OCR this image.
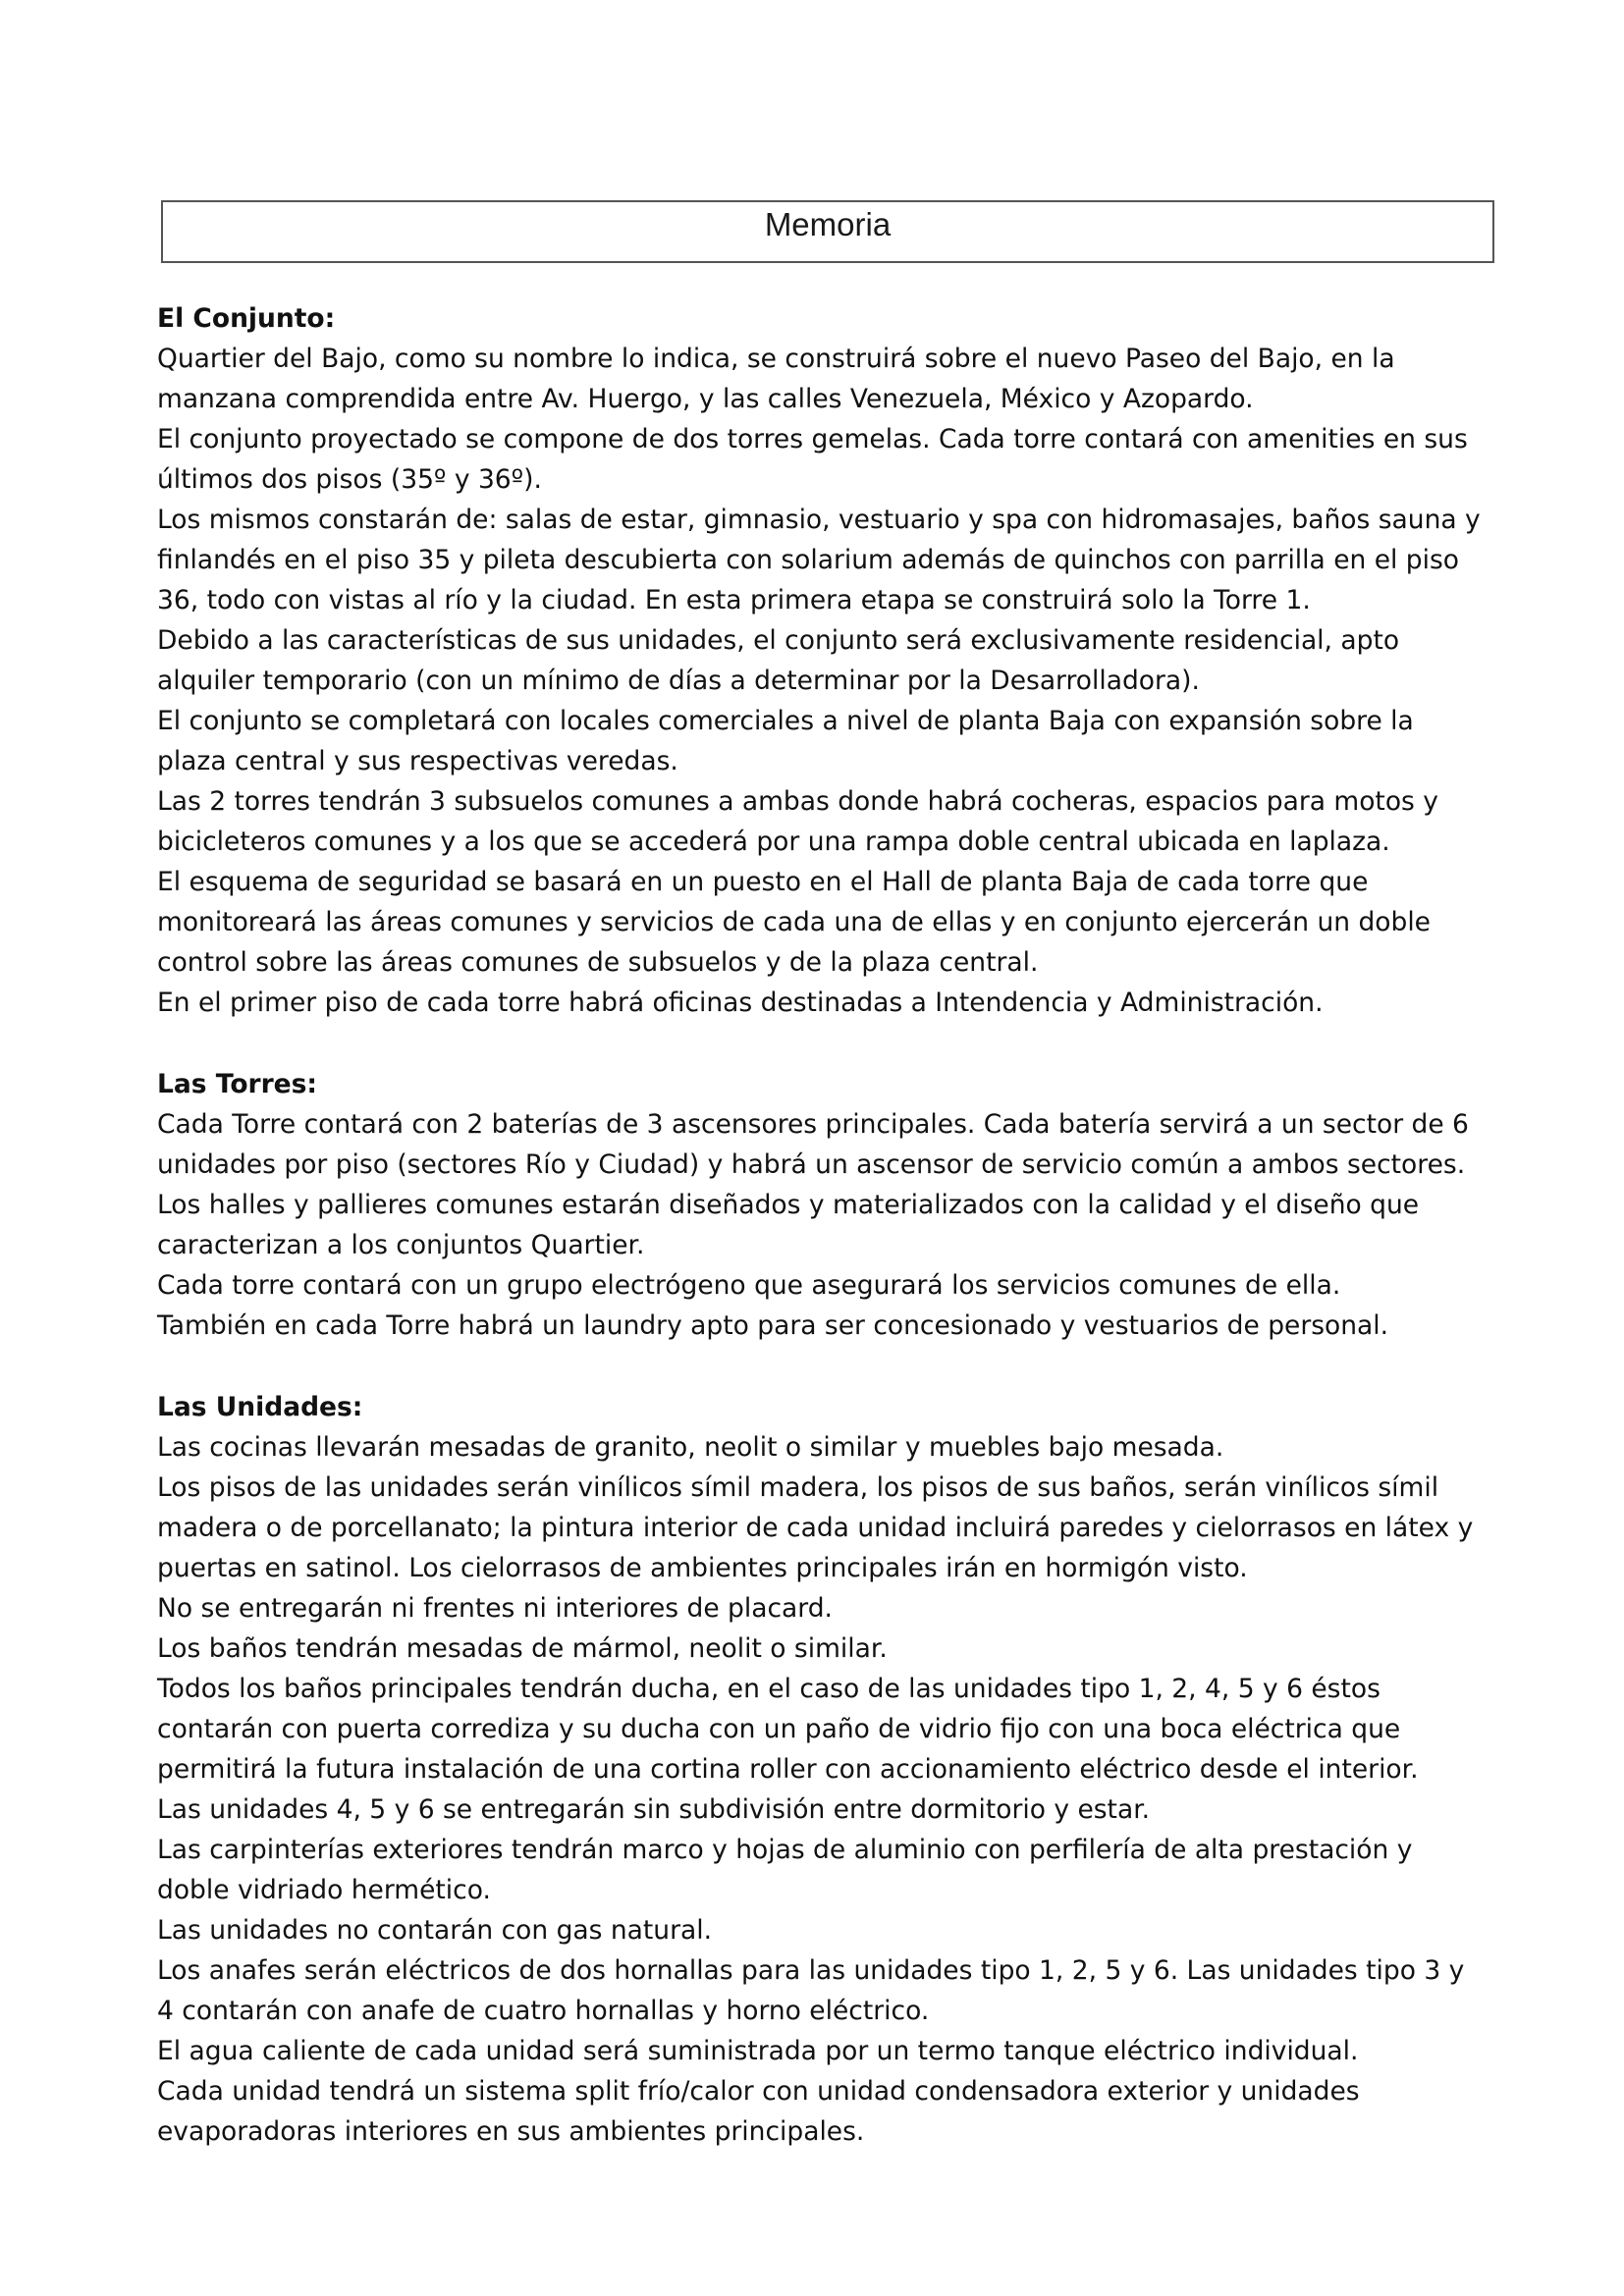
Memoria
El Conjunto:

Quartier del Bajo, como su nombre lo indica, se construirá sobre el nuevo Paseo del Bajo, en la manzana comprendida entre Av. Huergo, y las calles Venezuela, México y Azopardo.

El conjunto proyectado se compone de dos torres gemelas. Cada torre contará con amenities en sus últimos dos pisos (35º y 36º).

Los mismos constarán de: salas de estar, gimnasio, vestuario y spa con hidromasajes, baños sauna y finlandés en el piso 35 y pileta descubierta con solarium además de quinchos con parrilla en el piso 36, todo con vistas al río y la ciudad. En esta primera etapa se construirá solo la Torre 1.

Debido a las características de sus unidades, el conjunto será exclusivamente residencial, apto alquiler temporario (con un mínimo de días a determinar por la Desarrolladora).

El conjunto se completará con locales comerciales a nivel de planta Baja con expansión sobre la plaza central y sus respectivas veredas.

Las 2 torres tendrán 3 subsuelos comunes a ambas donde habrá cocheras, espacios para motos y bicicleteros comunes y a los que se accederá por una rampa doble central ubicada en laplaza.

El esquema de seguridad se basará en un puesto en el Hall de planta Baja de cada torre que monitoreará las áreas comunes y servicios de cada una de ellas y en conjunto ejercerán un doble control sobre las áreas comunes de subsuelos y de la plaza central.

En el primer piso de cada torre habrá oficinas destinadas a Intendencia y Administración.

Las Torres:

Cada Torre contará con 2 baterías de 3 ascensores principales. Cada batería servirá a un sector de 6 unidades por piso (sectores Río y Ciudad) y habrá un ascensor de servicio común a ambos sectores.

Los halles y pallieres comunes estarán diseñados y materializados con la calidad y el diseño que caracterizan a los conjuntos Quartier.

Cada torre contará con un grupo electrógeno que asegurará los servicios comunes de ella.

También en cada Torre habrá un laundry apto para ser concesionado y vestuarios de personal.

Las Unidades:

Las cocinas llevarán mesadas de granito, neolit o similar y muebles bajo mesada.

Los pisos de las unidades serán vinílicos símil madera, los pisos de sus baños, serán vinílicos símil madera o de porcellanato; la pintura interior de cada unidad incluirá paredes y cielorrasos en látex y puertas en satinol. Los cielorrasos de ambientes principales irán en hormigón visto.

No se entregarán ni frentes ni interiores de placard.

Los baños tendrán mesadas de mármol, neolit o similar.

Todos los baños principales tendrán ducha, en el caso de las unidades tipo 1, 2, 4, 5 y 6 éstos contarán con puerta corrediza y su ducha con un paño de vidrio fijo con una boca eléctrica que permitirá la futura instalación de una cortina roller con accionamiento eléctrico desde el interior.

Las unidades 4, 5 y 6 se entregarán sin subdivisión entre dormitorio y estar.

Las carpinterías exteriores tendrán marco y hojas de aluminio con perfilería de alta prestación y doble vidriado hermético.

Las unidades no contarán con gas natural.

Los anafes serán eléctricos de dos hornallas para las unidades tipo 1, 2, 5 y 6. Las unidades tipo 3 y 4 contarán con anafe de cuatro hornallas y horno eléctrico.

El agua caliente de cada unidad será suministrada por un termo tanque eléctrico individual.

Cada unidad tendrá un sistema split frío/calor con unidad condensadora exterior y unidades evaporadoras interiores en sus ambientes principales.
